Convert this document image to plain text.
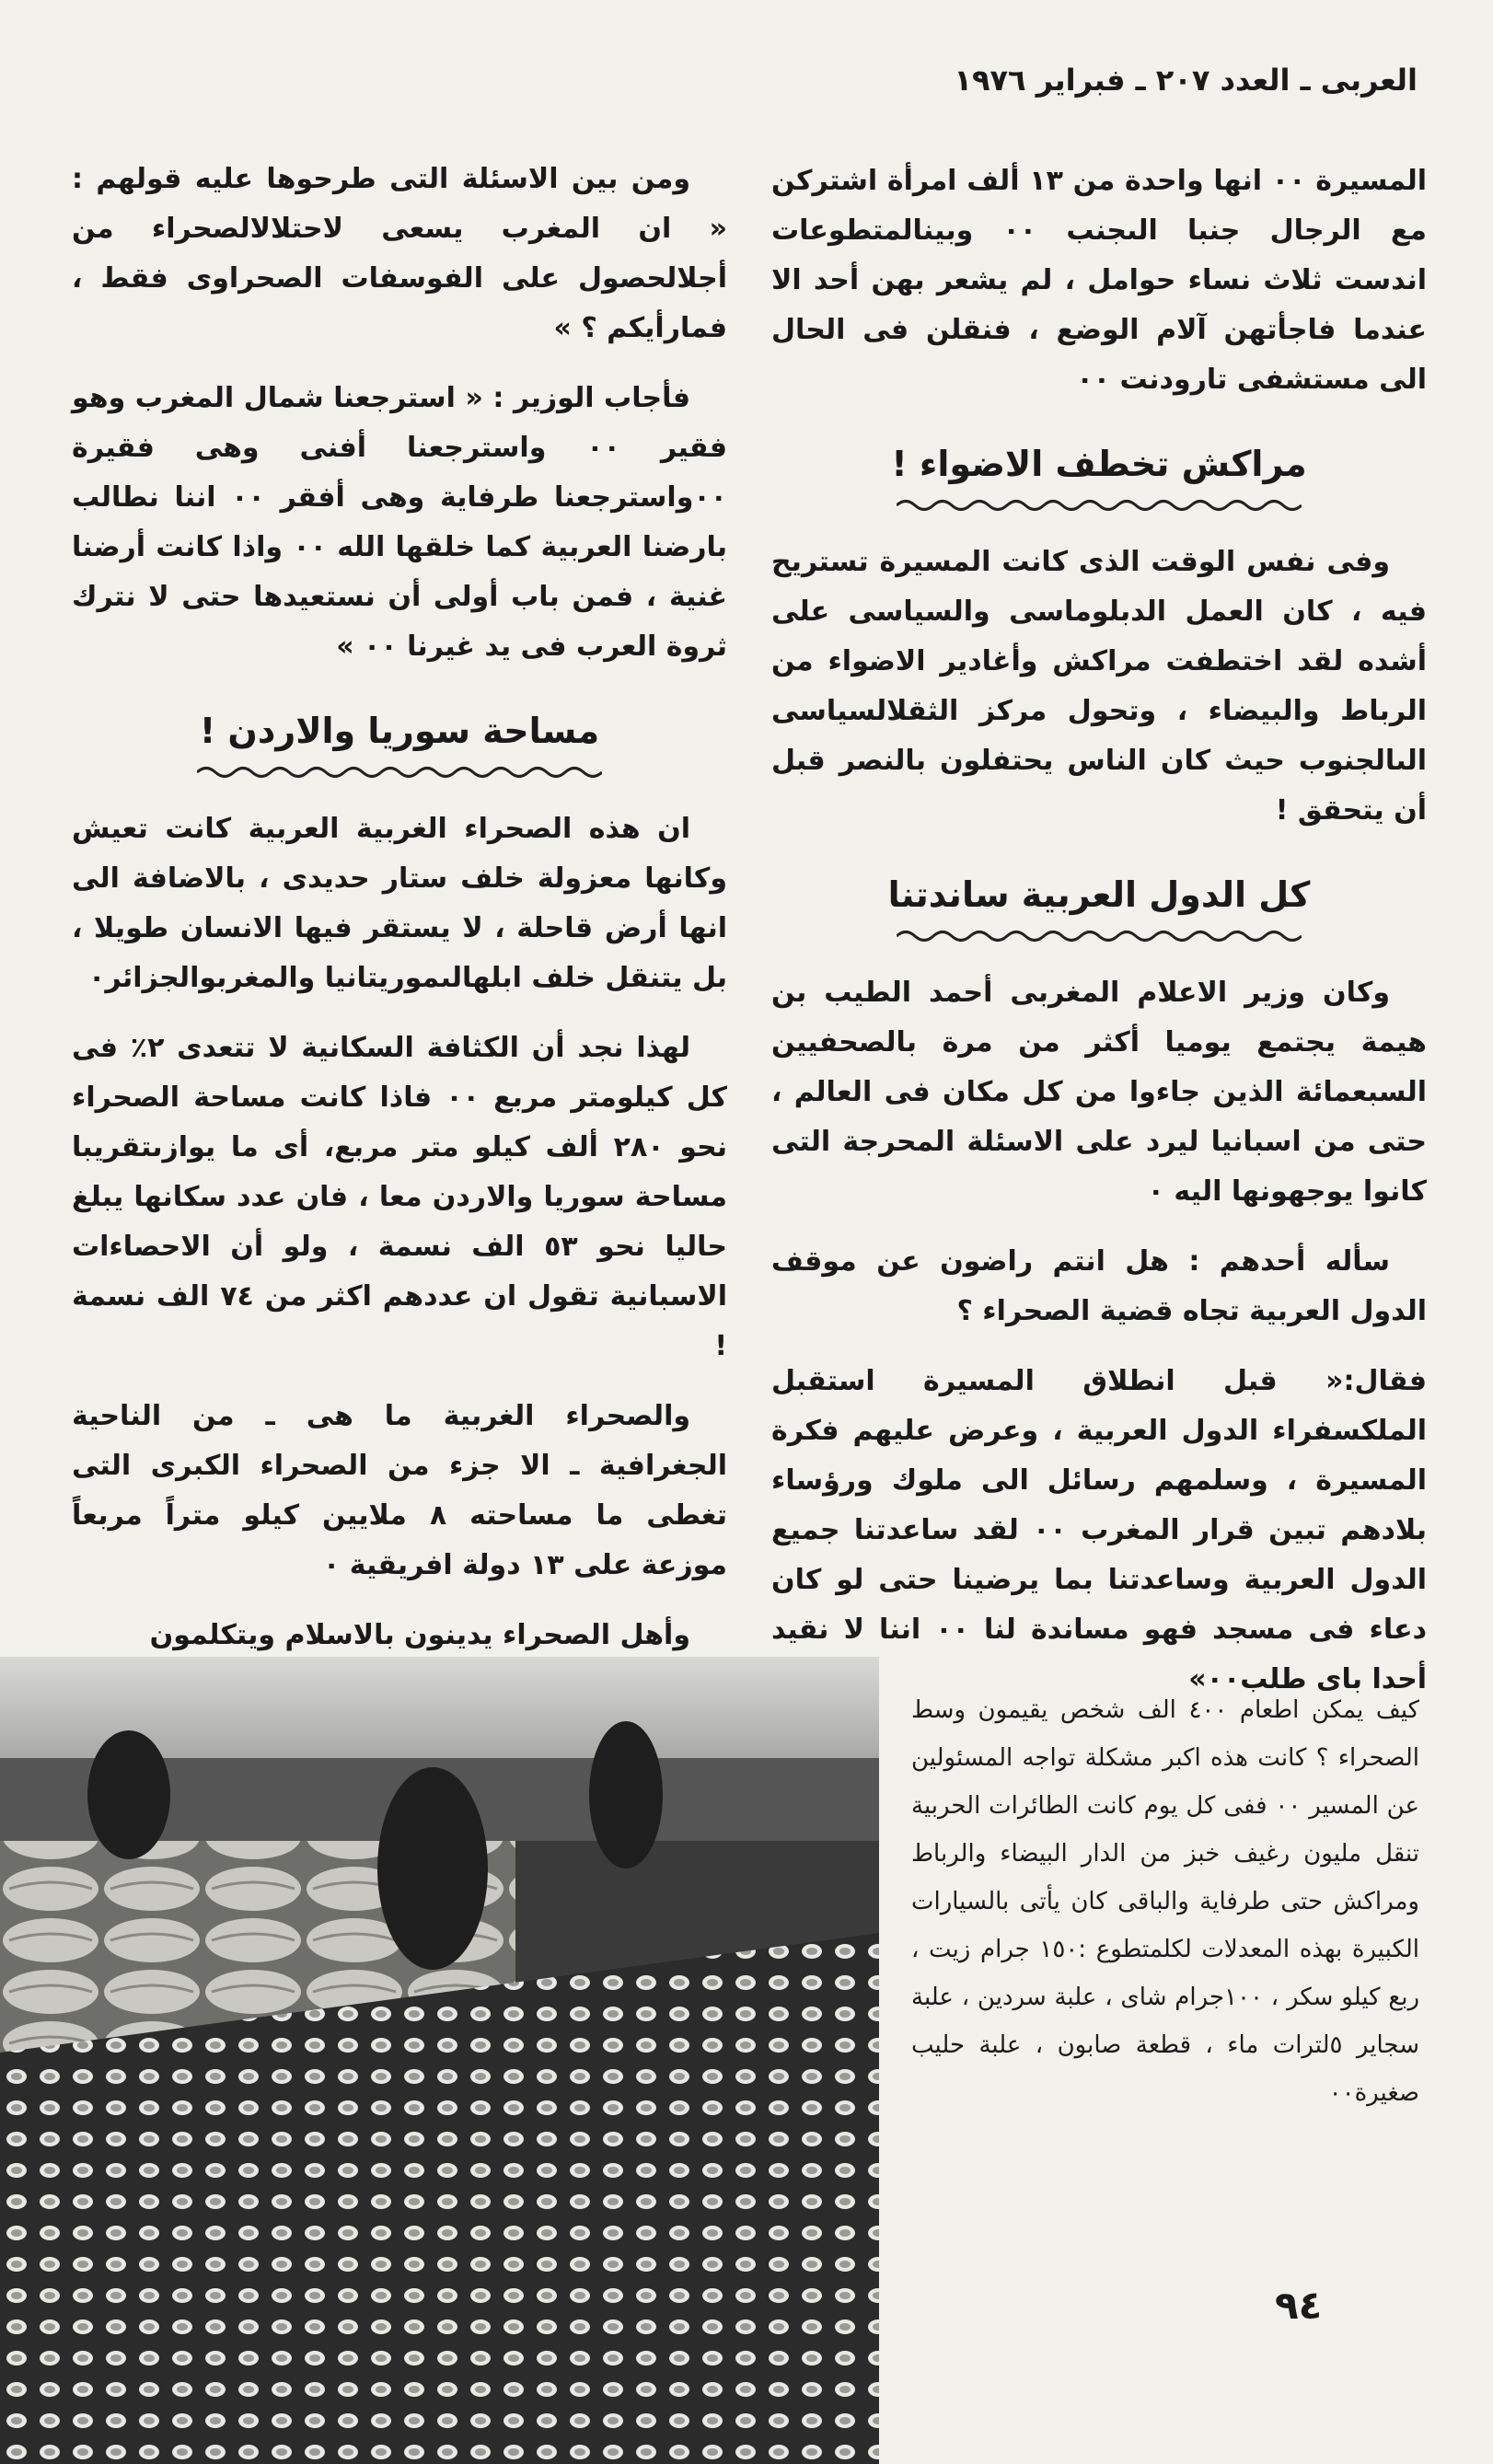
العربى ـ العدد ٢٠٧ ـ فبراير ١٩٧٦

المسيرة ٠٠ انها واحدة من ١٣ ألف امرأة اشتركن مع الرجال جنبا الىجنب ٠٠ وبينالمتطوعات اندست ثلاث نساء حوامل ، لم يشعر بهن أحد الا عندما فاجأتهن آلام الوضع ، فنقلن فى الحال الى مستشفى تارودنت ٠٠

مراكش تخطف الاضواء !

وفى نفس الوقت الذى كانت المسيرة تستريح فيه ، كان العمل الدبلوماسى والسياسى على أشده لقد اختطفت مراكش وأغادير الاضواء من الرباط والبيضاء ، وتحول مركز الثقلالسياسى الىالجنوب حيث كان الناس يحتفلون بالنصر قبل أن يتحقق !

كل الدول العربية ساندتنا

وكان وزير الاعلام المغربى أحمد الطيب بن هيمة يجتمع يوميا أكثر من مرة بالصحفيين السبعمائة الذين جاءوا من كل مكان فى العالم ، حتى من اسبانيا ليرد على الاسئلة المحرجة التى كانوا يوجهونها اليه ٠

سأله أحدهم : هل انتم راضون عن موقف الدول العربية تجاه قضية الصحراء ؟

فقال:« قبل انطلاق المسيرة استقبل الملكسفراء الدول العربية ، وعرض عليهم فكرة المسيرة ، وسلمهم رسائل الى ملوك ورؤساء بلادهم تبين قرار المغرب ٠٠ لقد ساعدتنا جميع الدول العربية وساعدتنا بما يرضينا حتى لو كان دعاء فى مسجد فهو مساندة لنا ٠٠ اننا لا نقيد أحدا باى طلب٠٠»

ومن بين الاسئلة التى طرحوها عليه قولهم : « ان المغرب يسعى لاحتلالالصحراء من أجلالحصول على الفوسفات الصحراوى فقط ، فمارأيكم ؟ »

فأجاب الوزير : « استرجعنا شمال المغرب وهو فقير ٠٠ واسترجعنا أفنى وهى فقيرة ٠٠واسترجعنا طرفاية وهى أفقر ٠٠ اننا نطالب بارضنا العربية كما خلقها الله ٠٠ واذا كانت أرضنا غنية ، فمن باب أولى أن نستعيدها حتى لا نترك ثروة العرب فى يد غيرنا ٠٠ »

مساحة سوريا والاردن !

ان هذه الصحراء الغربية العربية كانت تعيش وكانها معزولة خلف ستار حديدى ، بالاضافة الى انها أرض قاحلة ، لا يستقر فيها الانسان طويلا ، بل يتنقل خلف ابلهالىموريتانيا والمغربوالجزائر٠

لهذا نجد أن الكثافة السكانية لا تتعدى ٢٪ فى كل كيلومتر مربع ٠٠ فاذا كانت مساحة الصحراء نحو ٢٨٠ ألف كيلو متر مربع، أى ما يوازىتقريبا مساحة سوريا والاردن معا ، فان عدد سكانها يبلغ حاليا نحو ٥٣ الف نسمة ، ولو أن الاحصاءات الاسبانية تقول ان عددهم اكثر من ٧٤ الف نسمة !

والصحراء الغربية ما هى ـ من الناحية الجغرافية ـ الا جزء من الصحراء الكبرى التى تغطى ما مساحته ٨ ملايين كيلو متراً مربعاً موزعة على ١٣ دولة افريقية ٠

وأهل الصحراء يدينون بالاسلام ويتكلمون

كيف يمكن اطعام ٤٠٠ الف شخص يقيمون وسط الصحراء ؟ كانت هذه اكبر مشكلة تواجه المسئولين عن المسير ٠٠ ففى كل يوم كانت الطائرات الحربية تنقل مليون رغيف خبز من الدار البيضاء والرباط ومراكش حتى طرفاية والباقى كان يأتى بالسيارات الكبيرة بهذه المعدلات لكلمتطوع :١٥٠ جرام زيت ، ربع كيلو سكر ، ١٠٠جرام شاى ، علبة سردين ، علبة سجاير ٥لترات ماء ، قطعة صابون ، علبة حليب صغيرة٠٠
٩٤
